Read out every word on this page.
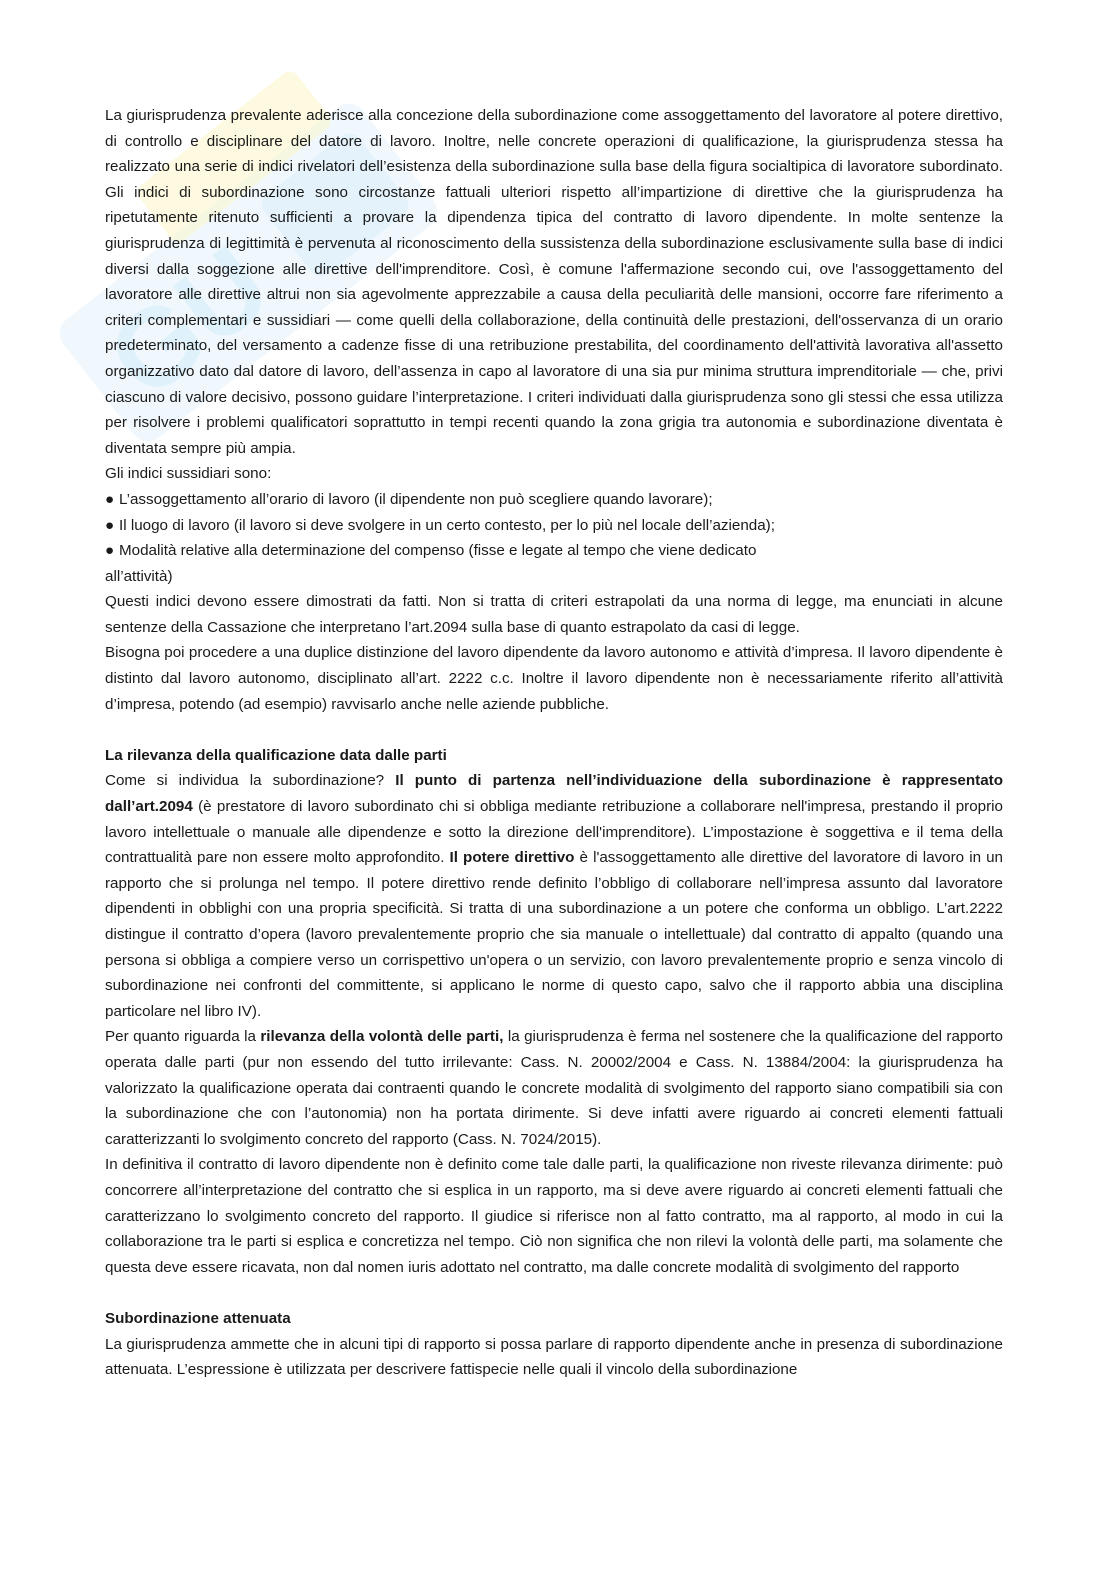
GU

La giurisprudenza prevalente aderisce alla concezione della subordinazione come assoggettamento del lavoratore al potere direttivo, di controllo e disciplinare del datore di lavoro. Inoltre, nelle concrete operazioni di qualificazione, la giurisprudenza stessa ha realizzato una serie di indici rivelatori dell’esistenza della subordinazione sulla base della figura socialtipica di lavoratore subordinato. Gli indici di subordinazione sono circostanze fattuali ulteriori rispetto all’impartizione di direttive che la giurisprudenza ha ripetutamente ritenuto sufficienti a provare la dipendenza tipica del contratto di lavoro dipendente. In molte sentenze la giurisprudenza di legittimità è pervenuta al riconoscimento della sussistenza della subordinazione esclusivamente sulla base di indici diversi dalla soggezione alle direttive dell'imprenditore. Così, è comune l'affermazione secondo cui, ove l'assoggettamento del lavoratore alle direttive altrui non sia agevolmente apprezzabile a causa della peculiarità delle mansioni, occorre fare riferimento a criteri complementari e sussidiari — come quelli della collaborazione, della continuità delle prestazioni, dell'osservanza di un orario predeterminato, del versamento a cadenze fisse di una retribuzione prestabilita, del coordinamento dell'attività lavorativa all'assetto organizzativo dato dal datore di lavoro, dell’assenza in capo al lavoratore di una sia pur minima struttura imprenditoriale — che, privi ciascuno di valore decisivo, possono guidare l’interpretazione. I criteri individuati dalla giurisprudenza sono gli stessi che essa utilizza per risolvere i problemi qualificatori soprattutto in tempi recenti quando la zona grigia tra autonomia e subordinazione diventata è diventata sempre più ampia.

Gli indici sussidiari sono:

● L’assoggettamento all’orario di lavoro (il dipendente non può scegliere quando lavorare);

● Il luogo di lavoro (il lavoro si deve svolgere in un certo contesto, per lo più nel locale dell’azienda);

● Modalità relative alla determinazione del compenso (fisse e legate al tempo che viene dedicato

all’attività)

Questi indici devono essere dimostrati da fatti. Non si tratta di criteri estrapolati da una norma di legge, ma enunciati in alcune sentenze della Cassazione che interpretano l’art.2094 sulla base di quanto estrapolato da casi di legge.

Bisogna poi procedere a una duplice distinzione del lavoro dipendente da lavoro autonomo e attività d’impresa. Il lavoro dipendente è distinto dal lavoro autonomo, disciplinato all’art. 2222 c.c. Inoltre il lavoro dipendente non è necessariamente riferito all’attività d’impresa, potendo (ad esempio) ravvisarlo anche nelle aziende pubbliche.

La rilevanza della qualificazione data dalle parti

Come si individua la subordinazione? Il punto di partenza nell’individuazione della subordinazione è rappresentato dall’art.2094 (è prestatore di lavoro subordinato chi si obbliga mediante retribuzione a collaborare nell'impresa, prestando il proprio lavoro intellettuale o manuale alle dipendenze e sotto la direzione dell'imprenditore). L’impostazione è soggettiva e il tema della contrattualità pare non essere molto approfondito. Il potere direttivo è l'assoggettamento alle direttive del lavoratore di lavoro in un rapporto che si prolunga nel tempo. Il potere direttivo rende definito l’obbligo di collaborare nell’impresa assunto dal lavoratore dipendenti in obblighi con una propria specificità. Si tratta di una subordinazione a un potere che conforma un obbligo. L’art.2222 distingue il contratto d’opera (lavoro prevalentemente proprio che sia manuale o intellettuale) dal contratto di appalto (quando una persona si obbliga a compiere verso un corrispettivo un'opera o un servizio, con lavoro prevalentemente proprio e senza vincolo di subordinazione nei confronti del committente, si applicano le norme di questo capo, salvo che il rapporto abbia una disciplina particolare nel libro IV).

Per quanto riguarda la rilevanza della volontà delle parti, la giurisprudenza è ferma nel sostenere che la qualificazione del rapporto operata dalle parti (pur non essendo del tutto irrilevante: Cass. N. 20002/2004 e Cass. N. 13884/2004: la giurisprudenza ha valorizzato la qualificazione operata dai contraenti quando le concrete modalità di svolgimento del rapporto siano compatibili sia con la subordinazione che con l’autonomia) non ha portata dirimente. Si deve infatti avere riguardo ai concreti elementi fattuali caratterizzanti lo svolgimento concreto del rapporto (Cass. N. 7024/2015).

In definitiva il contratto di lavoro dipendente non è definito come tale dalle parti, la qualificazione non riveste rilevanza dirimente: può concorrere all’interpretazione del contratto che si esplica in un rapporto, ma si deve avere riguardo ai concreti elementi fattuali che caratterizzano lo svolgimento concreto del rapporto. Il giudice si riferisce non al fatto contratto, ma al rapporto, al modo in cui la collaborazione tra le parti si esplica e concretizza nel tempo. Ciò non significa che non rilevi la volontà delle parti, ma solamente che questa deve essere ricavata, non dal nomen iuris adottato nel contratto, ma dalle concrete modalità di svolgimento del rapporto

Subordinazione attenuata

La giurisprudenza ammette che in alcuni tipi di rapporto si possa parlare di rapporto dipendente anche in presenza di subordinazione attenuata. L’espressione è utilizzata per descrivere fattispecie nelle quali il vincolo della subordinazione
